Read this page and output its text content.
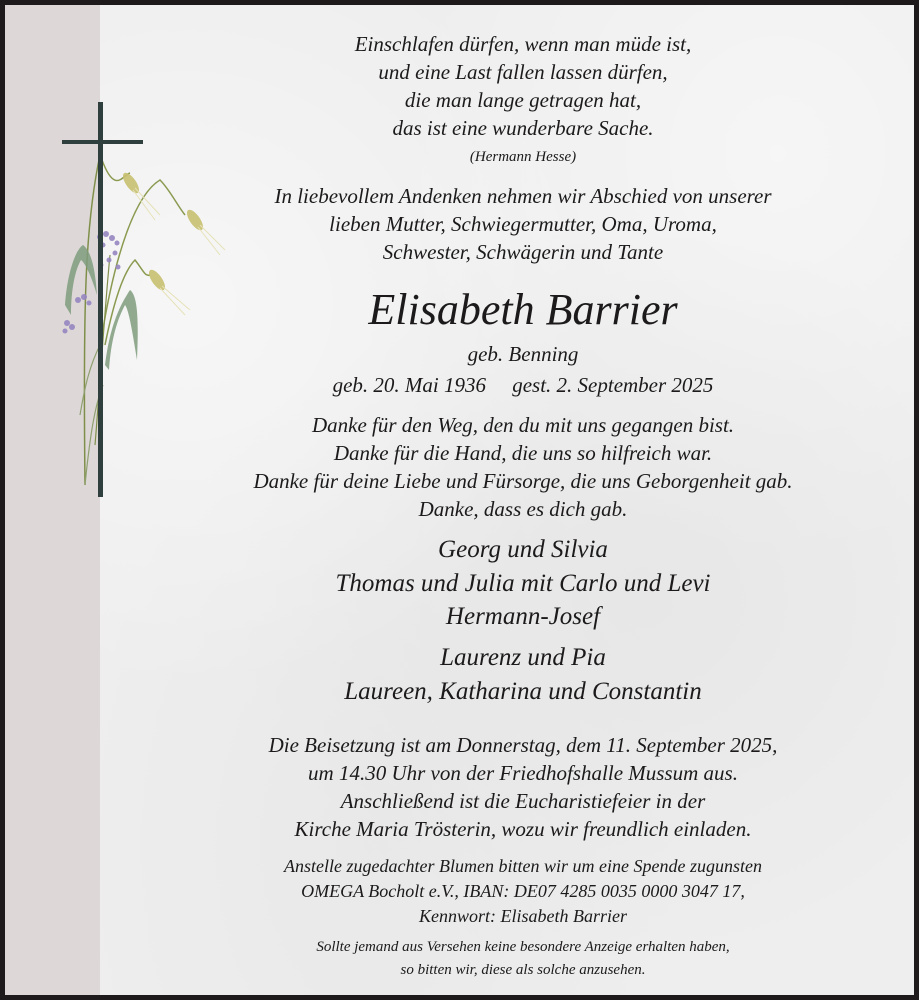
Einschlafen dürfen, wenn man müde ist,
und eine Last fallen lassen dürfen,
die man lange getragen hat,
das ist eine wunderbare Sache.
(Hermann Hesse)
In liebevollem Andenken nehmen wir Abschied von unserer
lieben Mutter, Schwiegermutter, Oma, Uroma,
Schwester, Schwägerin und Tante
Elisabeth Barrier
geb. Benning
geb. 20. Mai 1936     gest. 2. September 2025
Danke für den Weg, den du mit uns gegangen bist.
Danke für die Hand, die uns so hilfreich war.
Danke für deine Liebe und Fürsorge, die uns Geborgenheit gab.
Danke, dass es dich gab.
Georg und Silvia
Thomas und Julia mit Carlo und Levi
Hermann-Josef
Laurenz und Pia
Laureen, Katharina und Constantin
Die Beisetzung ist am Donnerstag, dem 11. September 2025,
um 14.30 Uhr von der Friedhofshalle Mussum aus.
Anschließend ist die Eucharistiefeier in der
Kirche Maria Trösterin, wozu wir freundlich einladen.
Anstelle zugedachter Blumen bitten wir um eine Spende zugunsten
OMEGA Bocholt e.V., IBAN: DE07 4285 0035 0000 3047 17,
Kennwort: Elisabeth Barrier
Sollte jemand aus Versehen keine besondere Anzeige erhalten haben,
so bitten wir, diese als solche anzusehen.
